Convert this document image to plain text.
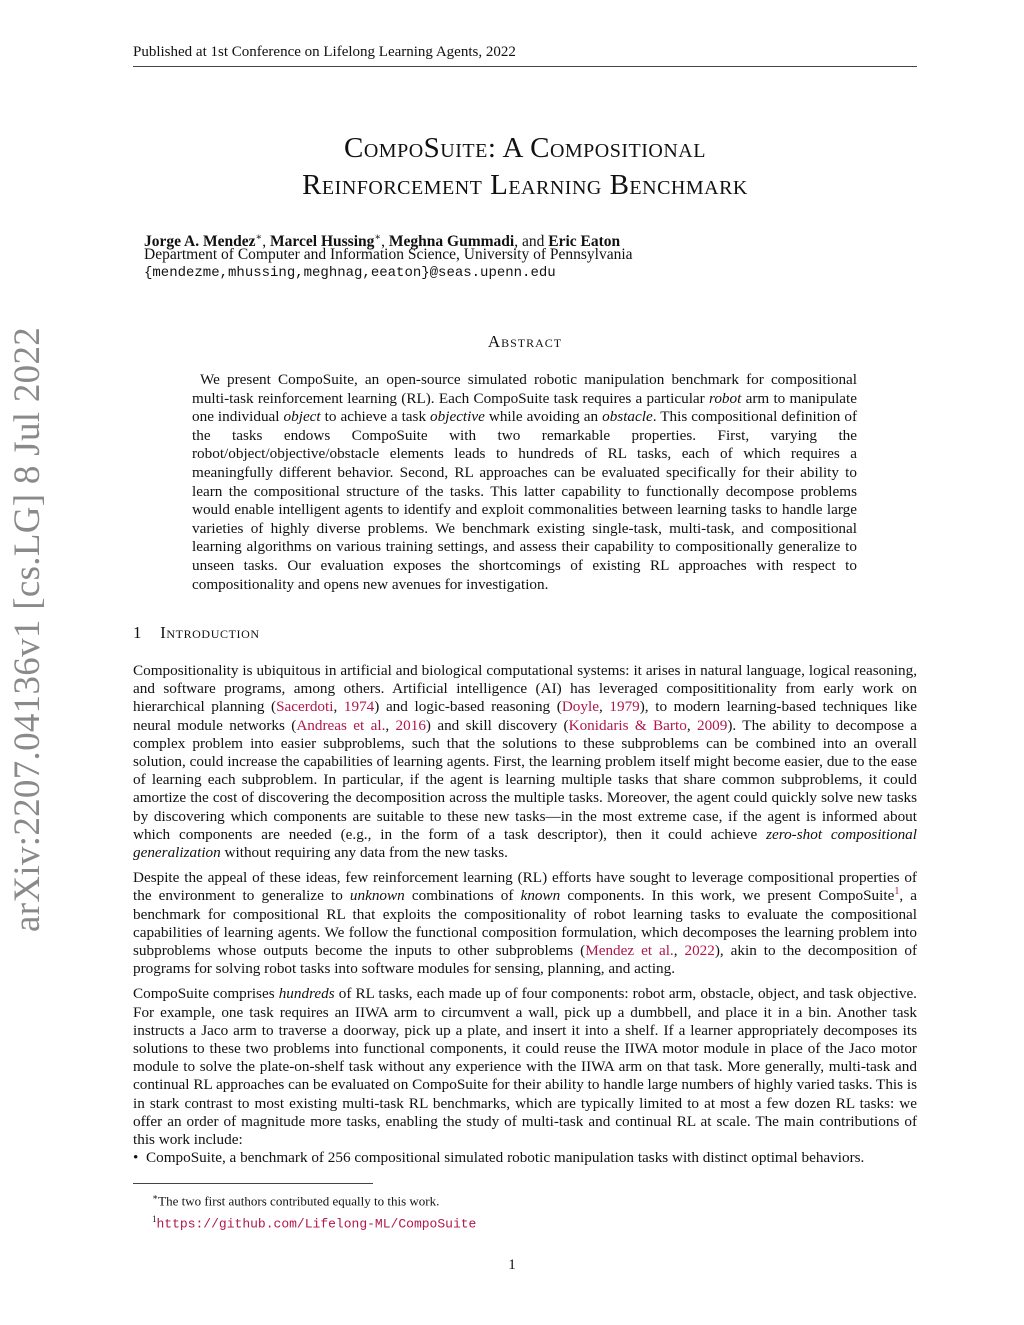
Published at 1st Conference on Lifelong Learning Agents, 2022
arXiv:2207.04136v1 [cs.LG] 8 Jul 2022
CompoSuite: A Compositional
Reinforcement Learning Benchmark
Jorge A. Mendez∗, Marcel Hussing∗, Meghna Gummadi, and Eric Eaton
Department of Computer and Information Science, University of Pennsylvania
{mendezme,mhussing,meghnag,eeaton}@seas.upenn.edu
Abstract

We present CompoSuite, an open-source simulated robotic manipulation benchmark for compositional multi-task reinforcement learning (RL). Each CompoSuite task requires a particular robot arm to manipulate one individual object to achieve a task objective while avoiding an obstacle. This compositional definition of the tasks endows CompoSuite with two remarkable properties. First, varying the robot/object/objective/obstacle elements leads to hundreds of RL tasks, each of which requires a meaningfully different behavior. Second, RL approaches can be evaluated specifically for their ability to learn the compositional structure of the tasks. This latter capability to functionally decompose problems would enable intelligent agents to identify and exploit commonalities between learning tasks to handle large varieties of highly diverse problems. We benchmark existing single-task, multi-task, and compositional learning algorithms on various training settings, and assess their capability to compositionally generalize to unseen tasks. Our evaluation exposes the shortcomings of existing RL approaches with respect to compositionality and opens new avenues for investigation.

1 Introduction

Compositionality is ubiquitous in artificial and biological computational systems: it arises in natural language, logical reasoning, and software programs, among others. Artificial intelligence (AI) has leveraged composititionality from early work on hierarchical planning (Sacerdoti, 1974) and logic-based reasoning (Doyle, 1979), to modern learning-based techniques like neural module networks (Andreas et al., 2016) and skill discovery (Konidaris & Barto, 2009). The ability to decompose a complex problem into easier subproblems, such that the solutions to these subproblems can be combined into an overall solution, could increase the capabilities of learning agents. First, the learning problem itself might become easier, due to the ease of learning each subproblem. In particular, if the agent is learning multiple tasks that share common subproblems, it could amortize the cost of discovering the decomposition across the multiple tasks. Moreover, the agent could quickly solve new tasks by discovering which components are suitable to these new tasks—in the most extreme case, if the agent is informed about which components are needed (e.g., in the form of a task descriptor), then it could achieve zero-shot compositional generalization without requiring any data from the new tasks.

Despite the appeal of these ideas, few reinforcement learning (RL) efforts have sought to leverage compositional properties of the environment to generalize to unknown combinations of known components. In this work, we present CompoSuite$^1$, a benchmark for compositional RL that exploits the compositionality of robot learning tasks to evaluate the compositional capabilities of learning agents. We follow the functional composition formulation, which decomposes the learning problem into subproblems whose outputs become the inputs to other subproblems (Mendez et al., 2022), akin to the decomposition of programs for solving robot tasks into software modules for sensing, planning, and acting.

CompoSuite comprises hundreds of RL tasks, each made up of four components: robot arm, obstacle, object, and task objective. For example, one task requires an IIWA arm to circumvent a wall, pick up a dumbbell, and place it in a bin. Another task instructs a Jaco arm to traverse a doorway, pick up a plate, and insert it into a shelf. If a learner appropriately decomposes its solutions to these two problems into functional components, it could reuse the IIWA motor module in place of the Jaco motor module to solve the plate-on-shelf task without any experience with the IIWA arm on that task. More generally, multi-task and continual RL approaches can be evaluated on CompoSuite for their ability to handle large numbers of highly varied tasks. This is in stark contrast to most existing multi-task RL benchmarks, which are typically limited to at most a few dozen RL tasks: we offer an order of magnitude more tasks, enabling the study of multi-task and continual RL at scale. The main contributions of this work include:

• CompoSuite, a benchmark of 256 compositional simulated robotic manipulation tasks with distinct optimal behaviors.
∗The two first authors contributed equally to this work.
$^1$https://github.com/Lifelong-ML/CompoSuite
1
